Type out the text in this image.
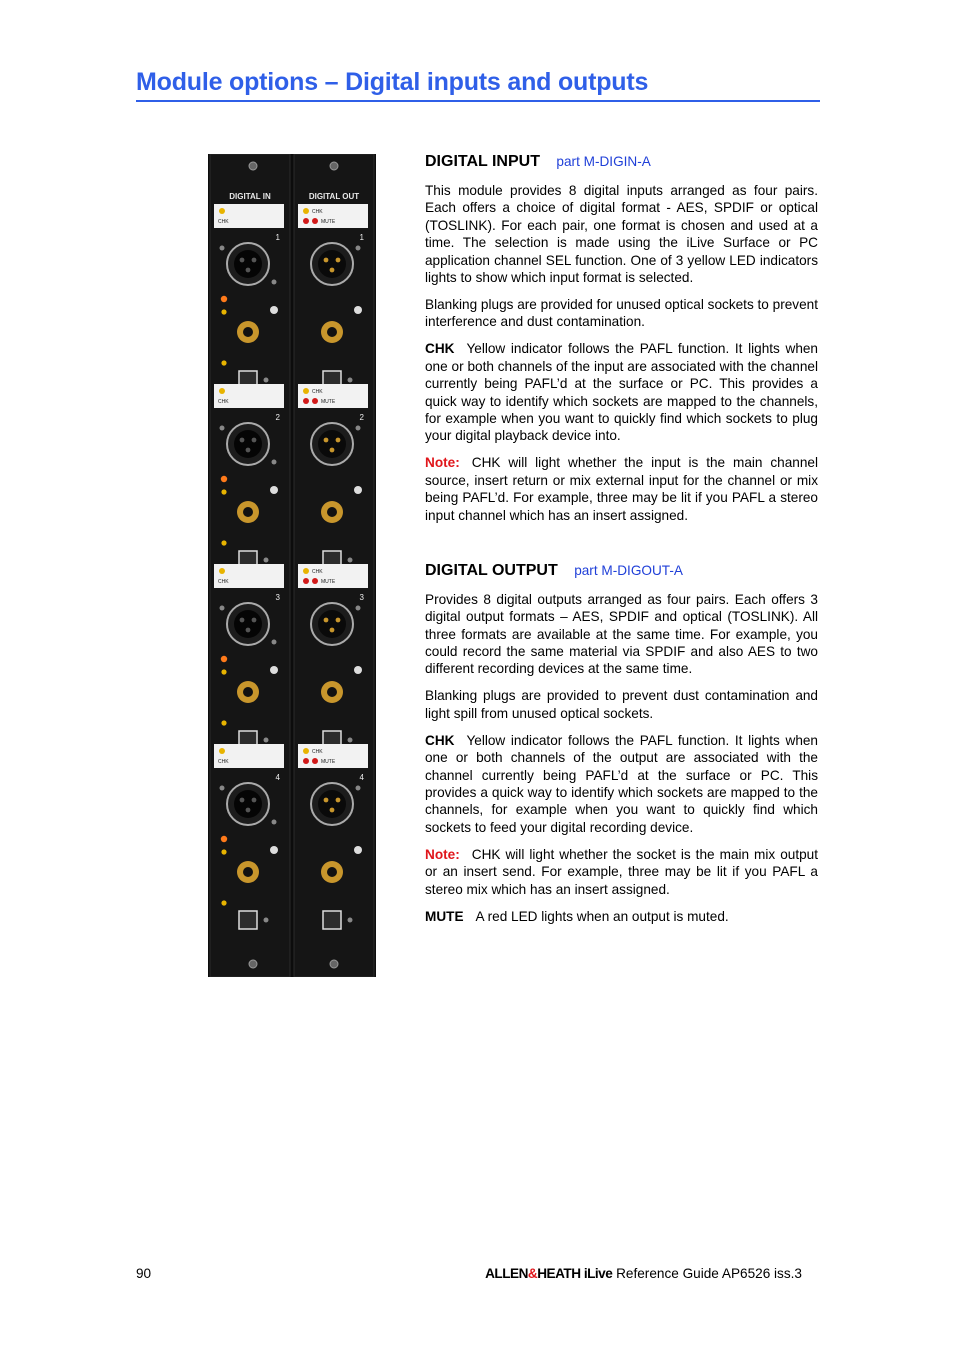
Module options – Digital inputs and outputs
DIGITAL IN	DIGITAL OUT
CHK
CHK
MUTE
1	1
CHK
CHK
MUTE
2	2
CHK
CHK
MUTE
3	3
CHK
CHK
MUTE
4	4
DIGITAL INPUT part M-DIGIN-A

This module provides 8 digital inputs arranged as four pairs. Each offers a choice of digital format - AES, SPDIF or optical (TOSLINK). For each pair, one format is chosen and used at a time. The selection is made using the iLive Surface or PC application channel SEL function. One of 3 yellow LED indicators lights to show which input format is selected.

Blanking plugs are provided for unused optical sockets to prevent interference and dust contamination.

CHK Yellow indicator follows the PAFL function. It lights when one or both channels of the input are associated with the channel currently being PAFL’d at the surface or PC. This provides a quick way to identify which sockets are mapped to the channels, for example when you want to quickly find which sockets to plug your digital playback device into.

Note: CHK will light whether the input is the main channel source, insert return or mix external input for the channel or mix being PAFL’d. For example, three may be lit if you PAFL a stereo input channel which has an insert assigned.

DIGITAL OUTPUT part M-DIGOUT-A

Provides 8 digital outputs arranged as four pairs. Each offers 3 digital output formats – AES, SPDIF and optical (TOSLINK). All three formats are available at the same time. For example, you could record the same material via SPDIF and also AES to two different recording devices at the same time.

Blanking plugs are provided to prevent dust contamination and light spill from unused optical sockets.

CHK Yellow indicator follows the PAFL function. It lights when one or both channels of the output are associated with the channel currently being PAFL’d at the surface or PC. This provides a quick way to identify which sockets are mapped to the channels, for example when you want to quickly find which sockets to feed your digital recording device.

Note: CHK will light whether the socket is the main mix output or an insert send. For example, three may be lit if you PAFL a stereo mix which has an insert assigned.

MUTE A red LED lights when an output is muted.

90	ALLEN&HEATH iLive Reference Guide AP6526 iss.3
